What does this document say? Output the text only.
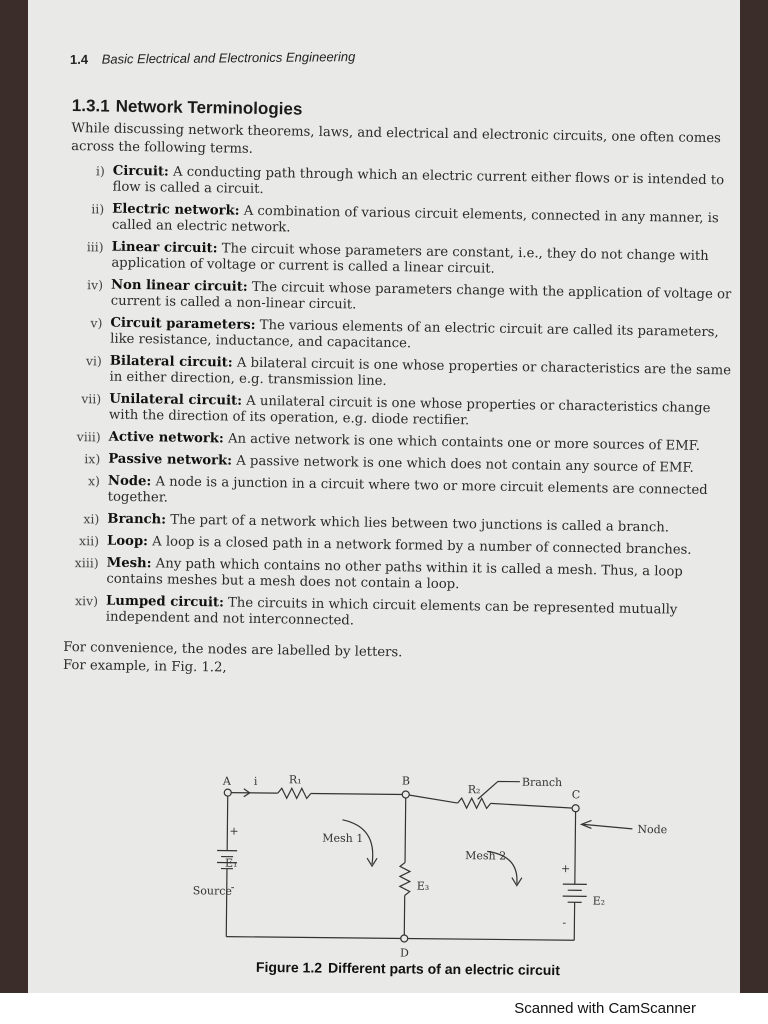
1.4 Basic Electrical and Electronics Engineering
1.3.1 Network Terminologies

While discussing network theorems, laws, and electrical and electronic circuits, one often comes across the following terms.

i) Circuit: A conducting path through which an electric current either flows or is intended to flow is called a circuit.
ii) Electric network: A combination of various circuit elements, connected in any manner, is called an electric network.
iii) Linear circuit: The circuit whose parameters are constant, i.e., they do not change with application of voltage or current is called a linear circuit.
iv) Non linear circuit: The circuit whose parameters change with the application of voltage or current is called a non-linear circuit.
v) Circuit parameters: The various elements of an electric circuit are called its parameters, like resistance, inductance, and capacitance.
vi) Bilateral circuit: A bilateral circuit is one whose properties or characteristics are the same in either direction, e.g. transmission line.
vii) Unilateral circuit: A unilateral circuit is one whose properties or characteristics change with the direction of its operation, e.g. diode rectifier.
viii) Active network: An active network is one which containts one or more sources of EMF.
ix) Passive network: A passive network is one which does not contain any source of EMF.
x) Node: A node is a junction in a circuit where two or more circuit elements are connected together.
xi) Branch: The part of a network which lies between two junctions is called a branch.
xii) Loop: A loop is a closed path in a network formed by a number of connected branches.
xiii) Mesh: Any path which contains no other paths within it is called a mesh. Thus, a loop contains meshes but a mesh does not contain a loop.
xiv) Lumped circuit: The circuits in which circuit elements can be represented mutually independent and not interconnected.

For convenience, the nodes are labelled by letters.
For example, in Fig. 1.2,

A i	R₁	B
R₂
Branch
C
Node
Mesh 1
Mesh 2
+
E₁
Source
-	E₃
+
E₂
-
D
Figure 1.2 Different parts of an electric circuit
Scanned with CamScanner
